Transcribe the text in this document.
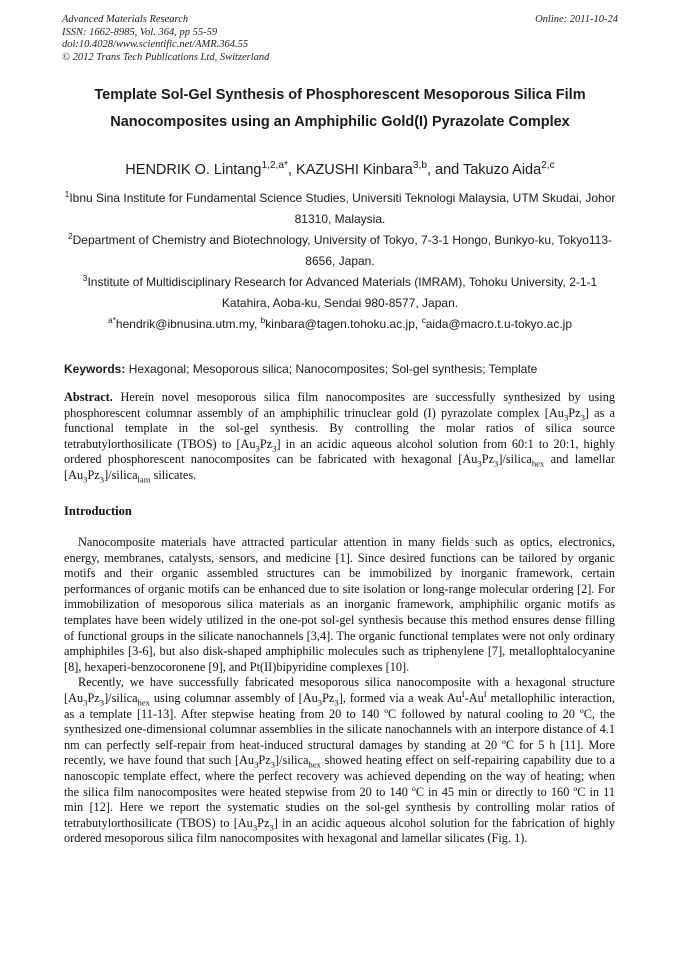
Advanced Materials Research
ISSN: 1662-8985, Vol. 364, pp 55-59
doi:10.4028/www.scientific.net/AMR.364.55
© 2012 Trans Tech Publications Ltd, Switzerland
Online: 2011-10-24
Template Sol-Gel Synthesis of Phosphorescent Mesoporous Silica Film
Nanocomposites using an Amphiphilic Gold(I) Pyrazolate Complex
HENDRIK O. Lintang$^{1,2,a*}$, KAZUSHI Kinbara$^{3,b}$, and Takuzo Aida$^{2,c}$

$^1$Ibnu Sina Institute for Fundamental Science Studies, Universiti Teknologi Malaysia, UTM Skudai, Johor 81310, Malaysia.

$^2$Department of Chemistry and Biotechnology, University of Tokyo, 7-3-1 Hongo, Bunkyo-ku, Tokyo113-8656, Japan.

$^3$Institute of Multidisciplinary Research for Advanced Materials (IMRAM), Tohoku University, 2-1-1 Katahira, Aoba-ku, Sendai 980-8577, Japan.

$^{a*}$hendrik@ibnusina.utm.my, $^b$kinbara@tagen.tohoku.ac.jp, $^c$aida@macro.t.u-tokyo.ac.jp

Keywords: Hexagonal; Mesoporous silica; Nanocomposites; Sol-gel synthesis; Template
Abstract. Herein novel mesoporous silica film nanocomposites are successfully synthesized by using phosphorescent columnar assembly of an amphiphilic trinuclear gold (I) pyrazolate complex $[Au_3Pz_3]$ as a functional template in the sol-gel synthesis. By controlling the molar ratios of silica source tetrabutylorthosilicate (TBOS) to $[Au_3Pz_3]$ in an acidic aqueous alcohol solution from 60:1 to 20:1, highly ordered phosphorescent nanocomposites can be fabricated with hexagonal $[Au_3Pz_3]/silica_{hex}$ and lamellar $[Au_3Pz_3]/silica_{lam}$ silicates.
Introduction

Nanocomposite materials have attracted particular attention in many fields such as optics, electronics, energy, membranes, catalysts, sensors, and medicine [1]. Since desired functions can be tailored by organic motifs and their organic assembled structures can be immobilized by inorganic framework, certain performances of organic motifs can be enhanced due to site isolation or long-range molecular ordering [2]. For immobilization of mesoporous silica materials as an inorganic framework, amphiphilic organic motifs as templates have been widely utilized in the one-pot sol-gel synthesis because this method ensures dense filling of functional groups in the silicate nanochannels [3,4]. The organic functional templates were not only ordinary amphiphiles [3-6], but also disk-shaped amphiphilic molecules such as triphenylene [7], metallophtalocyanine [8], hexaperi-benzocoronene [9], and Pt(II)bipyridine complexes [10].

Recently, we have successfully fabricated mesoporous silica nanocomposite with a hexagonal structure $[Au_3Pz_3]/silica_{hex}$ using columnar assembly of $[Au_3Pz_3]$, formed via a weak $Au^I-Au^I$ metallophilic interaction, as a template [11-13]. After stepwise heating from 20 to 140 ºC followed by natural cooling to 20 ºC, the synthesized one-dimensional columnar assemblies in the silicate nanochannels with an interpore distance of 4.1 nm can perfectly self-repair from heat-induced structural damages by standing at 20 ºC for 5 h [11]. More recently, we have found that such $[Au_3Pz_3]/silica_{hex}$ showed heating effect on self-repairing capability due to a nanoscopic template effect, where the perfect recovery was achieved depending on the way of heating; when the silica film nanocomposites were heated stepwise from 20 to 140 ºC in 45 min or directly to 160 ºC in 11 min [12]. Here we report the systematic studies on the sol-gel synthesis by controlling molar ratios of tetrabutylorthosilicate (TBOS) to $[Au_3Pz_3]$ in an acidic aqueous alcohol solution for the fabrication of highly ordered mesoporous silica film nanocomposites with hexagonal and lamellar silicates (Fig. 1).
